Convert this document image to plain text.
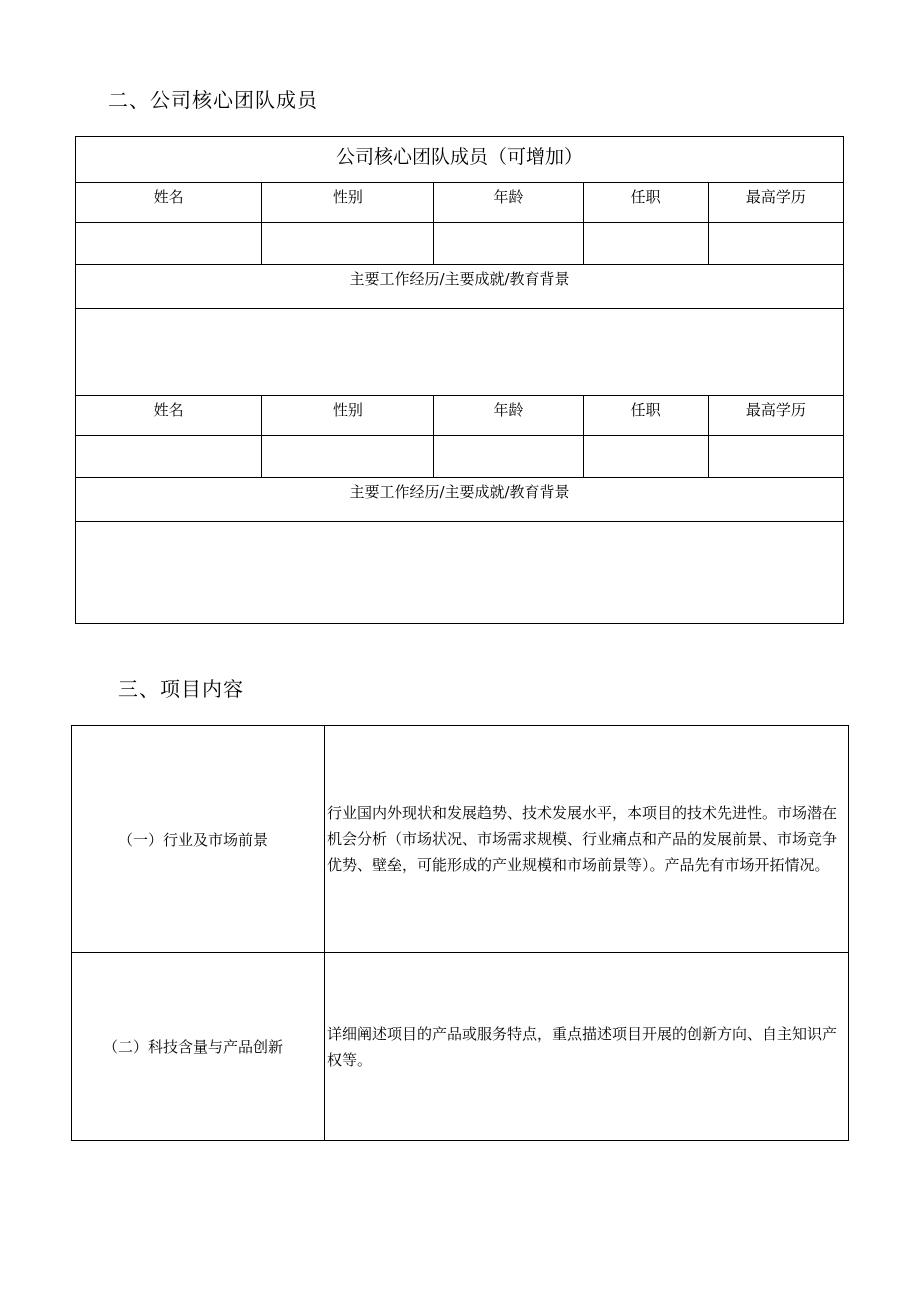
二、公司核心团队成员
公司核心团队成员（可增加）				
姓名	性别	年龄	任职	最高学历

主要工作经历/主要成就/教育背景				

姓名	性别	年龄	任职	最高学历

主要工作经历/主要成就/教育背景				

三、项目内容
（一）行业及市场前景	行业国内外现状和发展趋势、技术发展水平，本项目的技术先进性。市场潜在机会分析（市场状况、市场需求规模、行业痛点和产品的发展前景、市场竞争优势、壁垒，可能形成的产业规模和市场前景等）。产品先有市场开拓情况。
（二）科技含量与产品创新	详细阐述项目的产品或服务特点，重点描述项目开展的创新方向、自主知识产权等。
